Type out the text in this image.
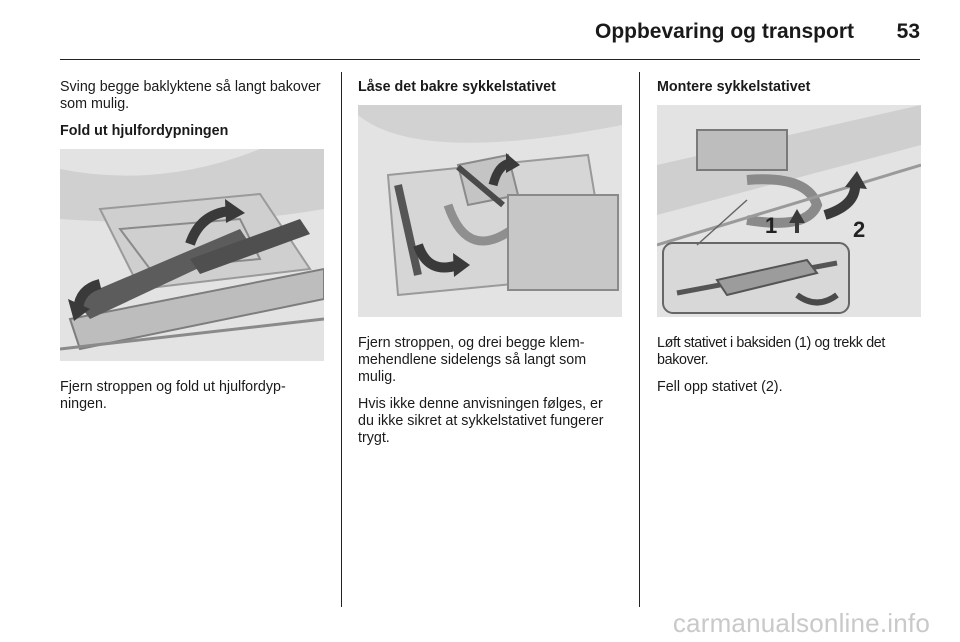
Oppbevaring og transport	53

Sving begge baklyktene så langt bakover som mulig.

Fold ut hjulfordypningen

Fjern stroppen og fold ut hjulfordypningen.

Låse det bakre sykkelstativet

Fjern stroppen, og drei begge klemmehendlene sidelengs så langt som mulig.

Hvis ikke denne anvisningen følges, er du ikke sikret at sykkelstativet fungerer trygt.

Montere sykkelstativet

1	2

Løft stativet i baksiden (1) og trekk det bakover.

Fell opp stativet (2).

carmanualsonline.info
